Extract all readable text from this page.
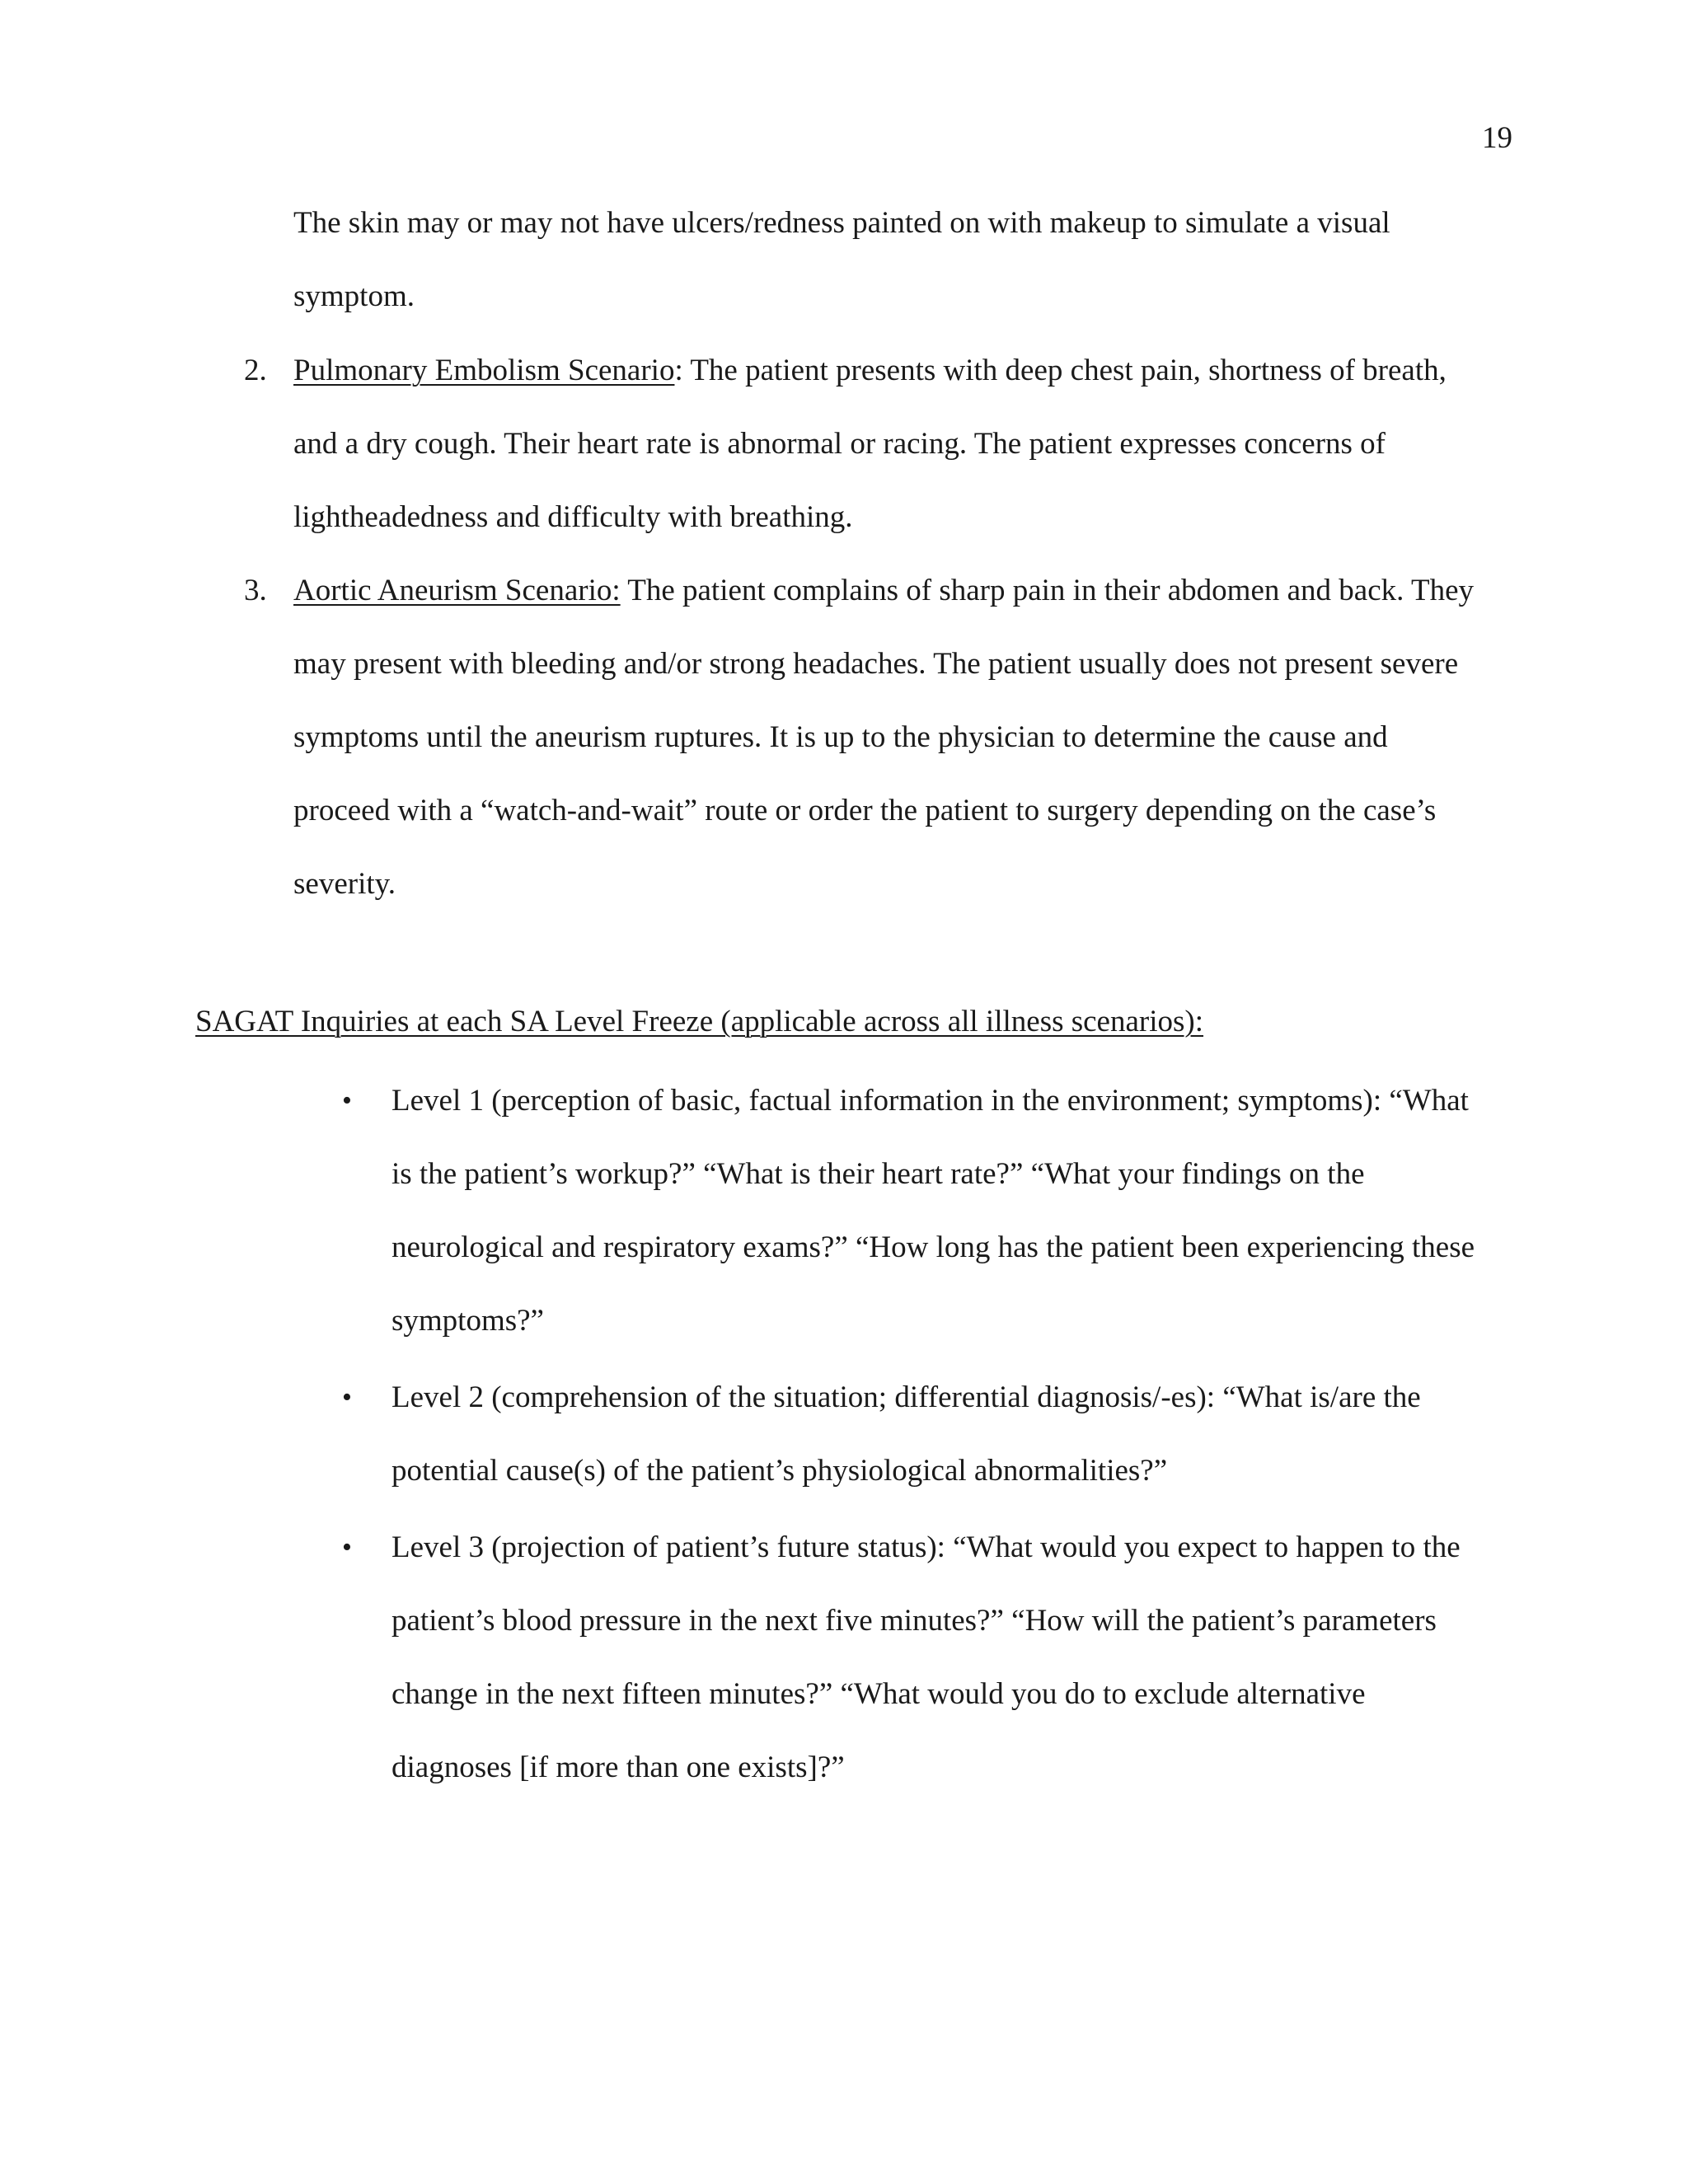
19

The skin may or may not have ulcers/redness painted on with makeup to simulate a visual symptom.

2. Pulmonary Embolism Scenario: The patient presents with deep chest pain, shortness of breath, and a dry cough. Their heart rate is abnormal or racing. The patient expresses concerns of lightheadedness and difficulty with breathing.
3. Aortic Aneurism Scenario: The patient complains of sharp pain in their abdomen and back. They may present with bleeding and/or strong headaches. The patient usually does not present severe symptoms until the aneurism ruptures. It is up to the physician to determine the cause and proceed with a “watch-and-wait” route or order the patient to surgery depending on the case’s severity.
SAGAT Inquiries at each SA Level Freeze (applicable across all illness scenarios):
• Level 1 (perception of basic, factual information in the environment; symptoms): “What is the patient’s workup?” “What is their heart rate?” “What your findings on the neurological and respiratory exams?” “How long has the patient been experiencing these symptoms?”
• Level 2 (comprehension of the situation; differential diagnosis/-es): “What is/are the potential cause(s) of the patient’s physiological abnormalities?”
• Level 3 (projection of patient’s future status): “What would you expect to happen to the patient’s blood pressure in the next five minutes?” “How will the patient’s parameters change in the next fifteen minutes?” “What would you do to exclude alternative diagnoses [if more than one exists]?”
